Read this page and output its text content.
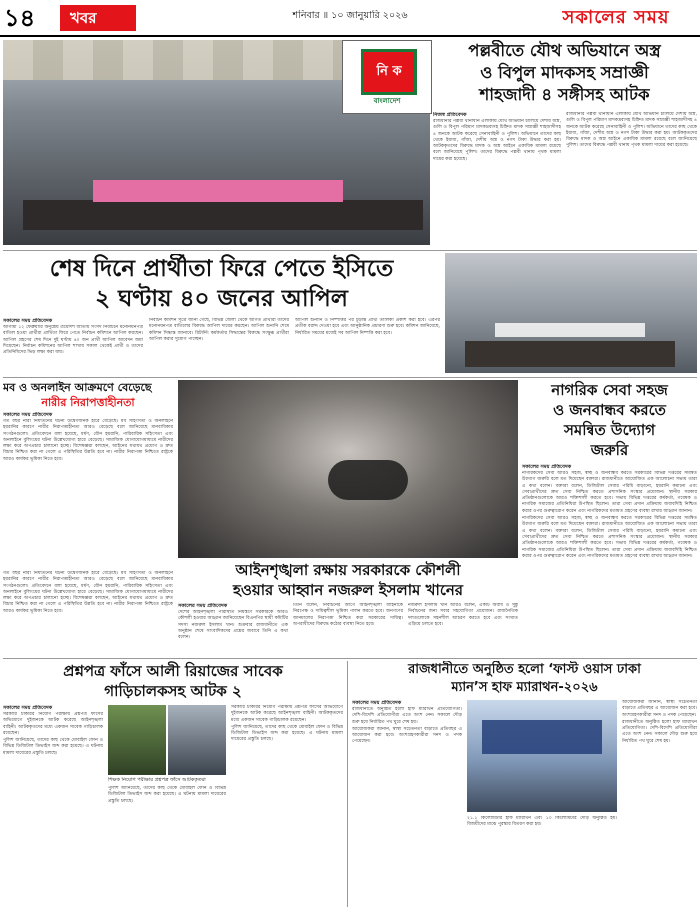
১৪	খবর	শনিবার ॥ ১০ জানুয়ারি ২০২৬	সকালের সময়
নি ক
বাংলাদেশ
পল্লবীতে যৌথ অভিযানে অস্ত্র
ও বিপুল মাদকসহ সম্রাজ্ঞী
শাহজাদী ৪ সঙ্গীসহ আটক
নিজস্ব প্রতিবেদক

রাজধানীর পল্লবী থানাধীন এলাকায় যৌথ অভিযান চালিয়ে দেশীয় অস্ত্র, গুলি ও বিপুল পরিমাণ মাদকদ্রব্যসহ চিহ্নিত মাদক সম্রাজ্ঞী শাহজাদীসহ ৪ জনকে আটক করেছে সেনাবাহিনী ও পুলিশ। অভিযানে তাদের কাছ থেকে ইয়াবা, গাঁজা, দেশীয় অস্ত্র ও নগদ টাকা উদ্ধার করা হয়। আটককৃতদের বিরুদ্ধে মাদক ও অস্ত্র আইনে একাধিক মামলা রয়েছে বলে জানিয়েছে পুলিশ। তাদের বিরুদ্ধে পল্লবী থানায় পৃথক মামলা দায়ের করা হয়েছে।

রাজধানীর পল্লবী থানাধীন এলাকায় যৌথ অভিযান চালিয়ে দেশীয় অস্ত্র, গুলি ও বিপুল পরিমাণ মাদকদ্রব্যসহ চিহ্নিত মাদক সম্রাজ্ঞী শাহজাদীসহ ৪ জনকে আটক করেছে সেনাবাহিনী ও পুলিশ। অভিযানে তাদের কাছ থেকে ইয়াবা, গাঁজা, দেশীয় অস্ত্র ও নগদ টাকা উদ্ধার করা হয়। আটককৃতদের বিরুদ্ধে মাদক ও অস্ত্র আইনে একাধিক মামলা রয়েছে বলে জানিয়েছে পুলিশ। তাদের বিরুদ্ধে পল্লবী থানায় পৃথক মামলা দায়ের করা হয়েছে।

শেষ দিনে প্রার্থীতা ফিরে পেতে ইসিতে
২ ঘণ্টায় ৪০ জনের আপিল
সকালের সময় প্রতিবেদক

আগামী ১২ ফেব্রুয়ারি অনুষ্ঠেয় ত্রয়োদশ জাতীয় সংসদ নির্বাচনে মনোনয়নপত্র বাতিল হওয়া প্রার্থীরা প্রার্থিতা ফিরে পেতে নির্বাচন কমিশনে আপিল করছেন। আপিল গ্রহণের শেষ দিনে দুই ঘণ্টায় ৪০ জন প্রার্থী আপিল আবেদন জমা দিয়েছেন। নির্বাচন কমিশনের আপিল শাখায় সকাল থেকেই প্রার্থী ও তাদের প্রতিনিধিদের ভিড় লক্ষ্য করা যায়।

নির্বাচন কমিশন সূত্রে জানা গেছে, বিভিন্ন জেলা থেকে আগত প্রার্থীরা তাদের মনোনয়নপত্র বাতিলের বিরুদ্ধে আপিল দায়ের করছেন। আপিল শুনানি শেষে কমিশন সিদ্ধান্ত জানাবে। রিটার্নিং কর্মকর্তার সিদ্ধান্তের বিরুদ্ধে সংক্ষুব্ধ প্রার্থীরা আপিল করার সুযোগ পাচ্ছেন।

আপিল শুনানি ও নিষ্পত্তির পর চূড়ান্ত প্রার্থী তালিকা প্রকাশ করা হবে। এরপর প্রতীক বরাদ্দ দেওয়া হবে এবং আনুষ্ঠানিক প্রচারণা শুরু হবে। কমিশন জানিয়েছে, নির্ধারিত সময়ের মধ্যেই সব আপিল নিষ্পত্তি করা হবে।

মব ও অনলাইন আক্রমণে বেড়েছে
নারীর নিরাপত্তাহীনতা
সকালের সময় প্রতিবেদক

গত বছর নারী নির্যাতনের ঘটনা উদ্বেগজনক হারে বেড়েছে। মব সহিংসতা ও অনলাইনে হয়রানির কারণে নারীর নিরাপত্তাহীনতা আরও বেড়েছে বলে জানিয়েছে মানবাধিকার সংগঠনগুলো। প্রতিবেদনে বলা হয়েছে, ধর্ষণ, যৌন হয়রানি, পারিবারিক সহিংসতা এবং অনলাইনে বুলিংয়ের ঘটনা উল্লেখযোগ্য হারে বেড়েছে। সামাজিক যোগাযোগমাধ্যমে নারীদের লক্ষ্য করে অপপ্রচার চালানো হচ্ছে। বিশেষজ্ঞরা বলছেন, আইনের যথাযথ প্রয়োগ ও দ্রুত বিচার নিশ্চিত করা না গেলে এ পরিস্থিতির উন্নতি হবে না। নারীর নিরাপত্তা নিশ্চিতে রাষ্ট্রকে আরও কার্যকর ভূমিকা নিতে হবে।

নাগরিক সেবা সহজ
ও জনবান্ধব করতে
সমন্বিত উদ্যোগ
জরুরি
সকালের সময় প্রতিবেদক

নাগরিকদের সেবা আরও সহজ, স্বচ্ছ ও জনবান্ধব করতে সরকারের বিভিন্ন দপ্তরের সমন্বিত উদ্যোগ জরুরি বলে মত দিয়েছেন বক্তারা। রাজধানীতে আয়োজিত এক আলোচনা সভায় তারা এ কথা বলেন। বক্তারা বলেন, ডিজিটাল সেবার পরিধি বাড়ানো, হয়রানি কমানো এবং সেবাপ্রার্থীদের দ্রুত সেবা নিশ্চিত করতে প্রশাসনিক সংস্কার প্রয়োজন। স্থানীয় সরকার প্রতিষ্ঠানগুলোকে আরও শক্তিশালী করতে হবে। সভায় বিভিন্ন দপ্তরের কর্মকর্তা, গবেষক ও নাগরিক সমাজের প্রতিনিধিরা উপস্থিত ছিলেন। তারা সেবা প্রদান প্রক্রিয়ায় জবাবদিহি নিশ্চিত করার ওপর গুরুত্বারোপ করেন এবং নাগরিকদের মতামত গ্রহণের ব্যবস্থা রাখার আহ্বান জানান।

নাগরিকদের সেবা আরও সহজ, স্বচ্ছ ও জনবান্ধব করতে সরকারের বিভিন্ন দপ্তরের সমন্বিত উদ্যোগ জরুরি বলে মত দিয়েছেন বক্তারা। রাজধানীতে আয়োজিত এক আলোচনা সভায় তারা এ কথা বলেন। বক্তারা বলেন, ডিজিটাল সেবার পরিধি বাড়ানো, হয়রানি কমানো এবং সেবাপ্রার্থীদের দ্রুত সেবা নিশ্চিত করতে প্রশাসনিক সংস্কার প্রয়োজন। স্থানীয় সরকার প্রতিষ্ঠানগুলোকে আরও শক্তিশালী করতে হবে। সভায় বিভিন্ন দপ্তরের কর্মকর্তা, গবেষক ও নাগরিক সমাজের প্রতিনিধিরা উপস্থিত ছিলেন। তারা সেবা প্রদান প্রক্রিয়ায় জবাবদিহি নিশ্চিত করার ওপর গুরুত্বারোপ করেন এবং নাগরিকদের মতামত গ্রহণের ব্যবস্থা রাখার আহ্বান জানান।

আইনশৃঙ্খলা রক্ষায় সরকারকে কৌশলী
হওয়ার আহ্বান নজরুল ইসলাম খানের
সকালের সময় প্রতিবেদক

দেশের আইনশৃঙ্খলা পরিস্থিতি নিয়ন্ত্রণে সরকারকে আরও কৌশলী হওয়ার আহ্বান জানিয়েছেন বিএনপির স্থায়ী কমিটির সদস্য নজরুল ইসলাম খান। শুক্রবার রাজধানীতে এক অনুষ্ঠান শেষে সাংবাদিকদের প্রশ্নের জবাবে তিনি এ কথা বলেন।

তিনি বলেন, নির্বাচনের আগে আইনশৃঙ্খলা বাহিনীকে নিরপেক্ষ ও দায়িত্বশীল ভূমিকা পালন করতে হবে। জনগণের জানমালের নিরাপত্তা নিশ্চিত করা সরকারের দায়িত্ব। অপরাধীদের বিরুদ্ধে কঠোর ব্যবস্থা নিতে হবে।

নজরুল ইসলাম খান আরও বলেন, একটি অবাধ ও সুষ্ঠু নির্বাচনের জন্য সবার সহযোগিতা প্রয়োজন। রাজনৈতিক দলগুলোকে সহনশীল আচরণ করতে হবে এবং সংঘাত এড়িয়ে চলতে হবে।

গত বছর নারী নির্যাতনের ঘটনা উদ্বেগজনক হারে বেড়েছে। মব সহিংসতা ও অনলাইনে হয়রানির কারণে নারীর নিরাপত্তাহীনতা আরও বেড়েছে বলে জানিয়েছে মানবাধিকার সংগঠনগুলো। প্রতিবেদনে বলা হয়েছে, ধর্ষণ, যৌন হয়রানি, পারিবারিক সহিংসতা এবং অনলাইনে বুলিংয়ের ঘটনা উল্লেখযোগ্য হারে বেড়েছে। সামাজিক যোগাযোগমাধ্যমে নারীদের লক্ষ্য করে অপপ্রচার চালানো হচ্ছে। বিশেষজ্ঞরা বলছেন, আইনের যথাযথ প্রয়োগ ও দ্রুত বিচার নিশ্চিত করা না গেলে এ পরিস্থিতির উন্নতি হবে না। নারীর নিরাপত্তা নিশ্চিতে রাষ্ট্রকে আরও কার্যকর ভূমিকা নিতে হবে।

প্রশ্নপত্র ফাঁসে আলী রিয়াজের সাবেক
গাড়িচালকসহ আটক ২
সকালের সময় প্রতিবেদক

সরকারি চাকরির নিয়োগ পরীক্ষায় প্রশ্নপত্র ফাঁসের অভিযোগে দুইজনকে আটক করেছে আইনশৃঙ্খলা বাহিনী। আটককৃতদের মধ্যে একজন সাবেক গাড়িচালক রয়েছেন।

পুলিশ জানিয়েছে, তাদের কাছ থেকে মোবাইল ফোন ও বিভিন্ন ডিজিটাল ডিভাইস জব্দ করা হয়েছে। এ ঘটনায় মামলা দায়েরের প্রস্তুতি চলছে।

শিক্ষক নিয়োগ পরীক্ষার প্রশ্নপত্র ফাঁসে আটককৃতরা

পুলিশ জানিয়েছে, তাদের কাছ থেকে মোবাইল ফোন ও বিভিন্ন ডিজিটাল ডিভাইস জব্দ করা হয়েছে। এ ঘটনায় মামলা দায়েরের প্রস্তুতি চলছে।

সরকারি চাকরির নিয়োগ পরীক্ষায় প্রশ্নপত্র ফাঁসের অভিযোগে দুইজনকে আটক করেছে আইনশৃঙ্খলা বাহিনী। আটককৃতদের মধ্যে একজন সাবেক গাড়িচালক রয়েছেন।

পুলিশ জানিয়েছে, তাদের কাছ থেকে মোবাইল ফোন ও বিভিন্ন ডিজিটাল ডিভাইস জব্দ করা হয়েছে। এ ঘটনায় মামলা দায়েরের প্রস্তুতি চলছে।

রাজধানীতে অনুষ্ঠিত হলো ‘ফাস্ট ওয়াস ঢাকা
ম্যান’স হাফ ম্যারাথন-২০২৬
সকালের সময় প্রতিবেদক

রাজধানীতে অনুষ্ঠিত হলো হাফ ম্যারাথন প্রতিযোগিতা। দেশি-বিদেশি প্রতিযোগীরা এতে অংশ নেন। সকালে দৌড় শুরু হয়ে নির্ধারিত পথ ঘুরে শেষ হয়।

আয়োজকরা জানান, স্বাস্থ্য সচেতনতা বাড়াতে প্রতিবছর এ আয়োজন করা হবে। অংশগ্রহণকারীরা সনদ ও পদক পেয়েছেন।

২১.১ কিলোমিটার হাফ ম্যারাথন এবং ১০ কিলোমিটার দৌড় অনুষ্ঠিত হয়। বিজয়ীদের মাঝে পুরস্কার বিতরণ করা হয়।

আয়োজকরা জানান, স্বাস্থ্য সচেতনতা বাড়াতে প্রতিবছর এ আয়োজন করা হবে। অংশগ্রহণকারীরা সনদ ও পদক পেয়েছেন।

রাজধানীতে অনুষ্ঠিত হলো হাফ ম্যারাথন প্রতিযোগিতা। দেশি-বিদেশি প্রতিযোগীরা এতে অংশ নেন। সকালে দৌড় শুরু হয়ে নির্ধারিত পথ ঘুরে শেষ হয়।
